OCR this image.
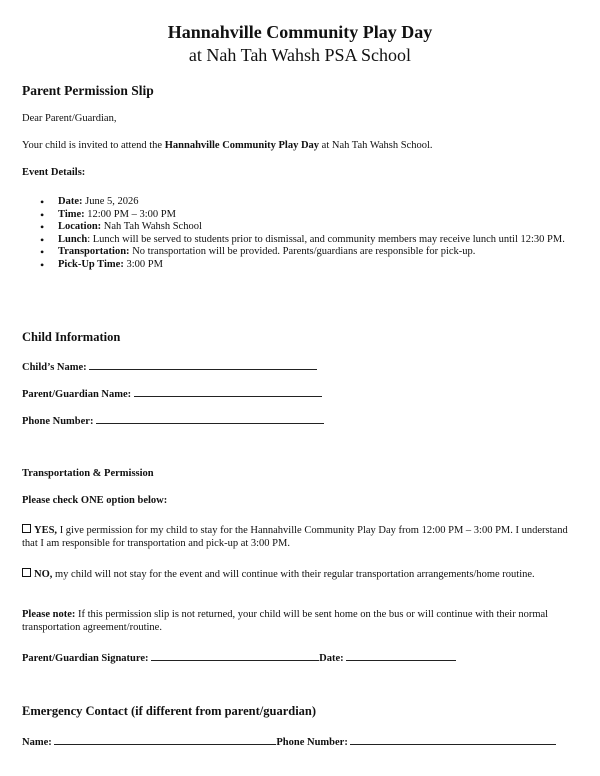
Hannahville Community Play Day
at Nah Tah Wahsh PSA School
Parent Permission Slip
Dear Parent/Guardian,
Your child is invited to attend the Hannahville Community Play Day at Nah Tah Wahsh School.
Event Details:
• Date: June 5, 2026
• Time: 12:00 PM – 3:00 PM
• Location: Nah Tah Wahsh School
• Lunch: Lunch will be served to students prior to dismissal, and community members may receive lunch until 12:30 PM.
• Transportation: No transportation will be provided. Parents/guardians are responsible for pick-up.
• Pick-Up Time: 3:00 PM
Child Information
Child’s Name:
Parent/Guardian Name:
Phone Number:
Transportation & Permission
Please check ONE option below:
YES, I give permission for my child to stay for the Hannahville Community Play Day from 12:00 PM – 3:00 PM. I understand that I am responsible for transportation and pick-up at 3:00 PM.
NO, my child will not stay for the event and will continue with their regular transportation arrangements/home routine.
Please note: If this permission slip is not returned, your child will be sent home on the bus or will continue with their normal transportation agreement/routine.
Parent/Guardian Signature:	Date:
Emergency Contact (if different from parent/guardian)
Name:	Phone Number:
